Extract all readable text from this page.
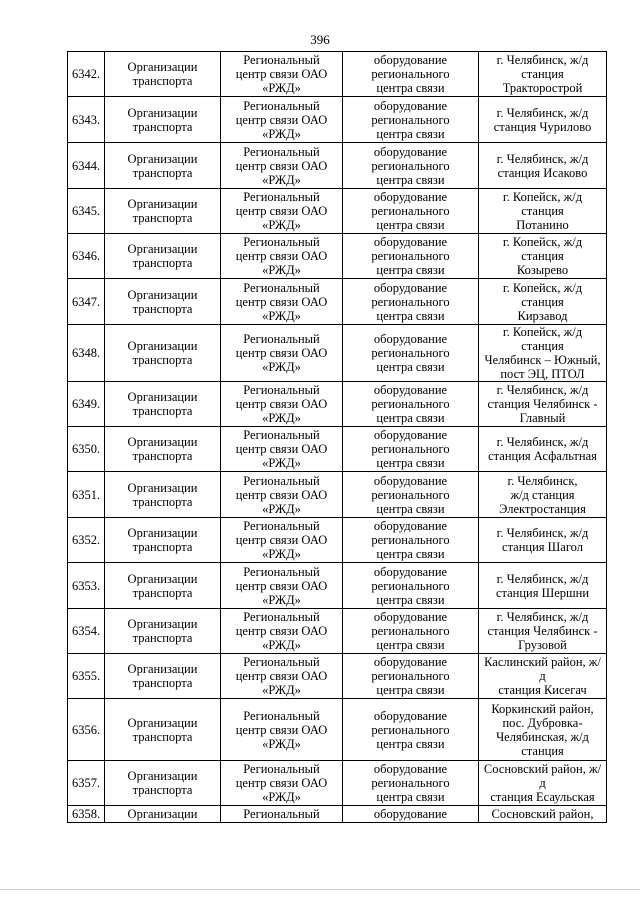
396
6342.	Организации
транспорта	Региональный
центр связи ОАО
«РЖД»	оборудование
регионального
центра связи	г. Челябинск, ж/д
станция Тракторострой
6343.	Организации
транспорта	Региональный
центр связи ОАО
«РЖД»	оборудование
регионального
центра связи	г. Челябинск, ж/д
станция Чурилово
6344.	Организации
транспорта	Региональный
центр связи ОАО
«РЖД»	оборудование
регионального
центра связи	г. Челябинск, ж/д
станция Исаково
6345.	Организации
транспорта	Региональный
центр связи ОАО
«РЖД»	оборудование
регионального
центра связи	г. Копейск, ж/д станция
Потанино
6346.	Организации
транспорта	Региональный
центр связи ОАО
«РЖД»	оборудование
регионального
центра связи	г. Копейск, ж/д станция
Козырево
6347.	Организации
транспорта	Региональный
центр связи ОАО
«РЖД»	оборудование
регионального
центра связи	г. Копейск, ж/д станция
Кирзавод
6348.	Организации
транспорта	Региональный
центр связи ОАО
«РЖД»	оборудование
регионального
центра связи	г. Копейск, ж/д станция
Челябинск – Южный,
пост ЭЦ, ПТОЛ
6349.	Организации
транспорта	Региональный
центр связи ОАО
«РЖД»	оборудование
регионального
центра связи	г. Челябинск, ж/д
станция Челябинск -
Главный
6350.	Организации
транспорта	Региональный
центр связи ОАО
«РЖД»	оборудование
регионального
центра связи	г. Челябинск, ж/д
станция Асфальтная
6351.	Организации
транспорта	Региональный
центр связи ОАО
«РЖД»	оборудование
регионального
центра связи	г. Челябинск,
ж/д станция
Электростанция
6352.	Организации
транспорта	Региональный
центр связи ОАО
«РЖД»	оборудование
регионального
центра связи	г. Челябинск, ж/д
станция Шагол
6353.	Организации
транспорта	Региональный
центр связи ОАО
«РЖД»	оборудование
регионального
центра связи	г. Челябинск, ж/д
станция Шершни
6354.	Организации
транспорта	Региональный
центр связи ОАО
«РЖД»	оборудование
регионального
центра связи	г. Челябинск, ж/д
станция Челябинск -
Грузовой
6355.	Организации
транспорта	Региональный
центр связи ОАО
«РЖД»	оборудование
регионального
центра связи	Каслинский район, ж/д
станция Кисегач
6356.	Организации
транспорта	Региональный
центр связи ОАО
«РЖД»	оборудование
регионального
центра связи	Коркинский район,
пос. Дубровка-
Челябинская, ж/д
станция
6357.	Организации
транспорта	Региональный
центр связи ОАО
«РЖД»	оборудование
регионального
центра связи	Сосновский район, ж/д
станция Есаульская
6358.	Организации	Региональный	оборудование	Сосновский район,
